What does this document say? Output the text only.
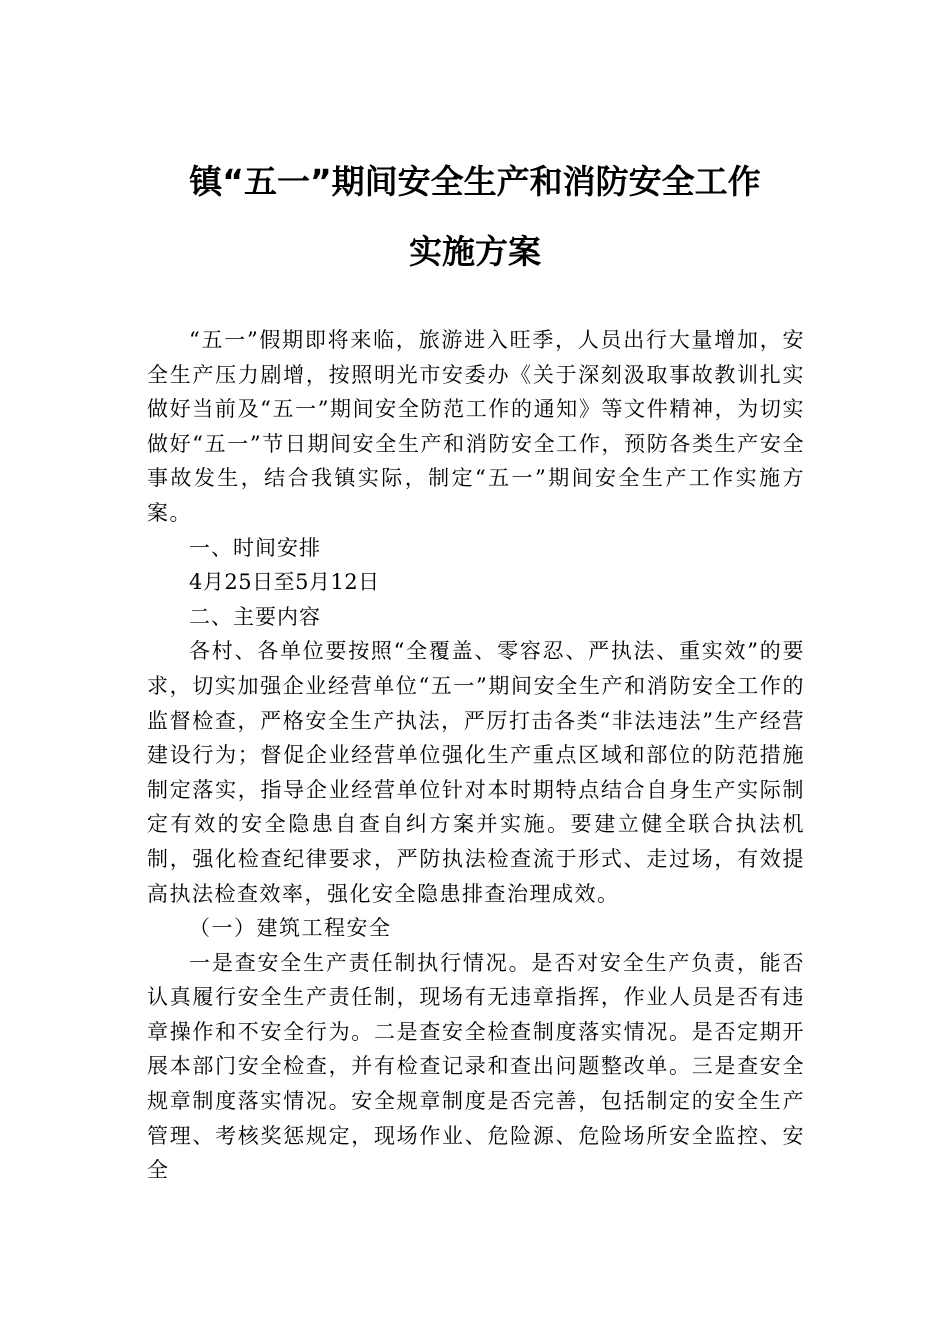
镇“五一”期间安全生产和消防安全工作
实施方案

“五一”假期即将来临，旅游进入旺季，人员出行大量增加，安全生产压力剧增，按照明光市安委办《关于深刻汲取事故教训扎实做好当前及“五一”期间安全防范工作的通知》等文件精神，为切实做好“五一”节日期间安全生产和消防安全工作，预防各类生产安全事故发生，结合我镇实际，制定“五一”期间安全生产工作实施方案。

一、时间安排

4月25日至5月12日

二、主要内容

各村、各单位要按照“全覆盖、零容忍、严执法、重实效”的要求，切实加强企业经营单位“五一”期间安全生产和消防安全工作的监督检查，严格安全生产执法，严厉打击各类“非法违法”生产经营建设行为；督促企业经营单位强化生产重点区域和部位的防范措施制定落实，指导企业经营单位针对本时期特点结合自身生产实际制定有效的安全隐患自查自纠方案并实施。要建立健全联合执法机制，强化检查纪律要求，严防执法检查流于形式、走过场，有效提高执法检查效率，强化安全隐患排查治理成效。

（一）建筑工程安全

一是查安全生产责任制执行情况。是否对安全生产负责，能否认真履行安全生产责任制，现场有无违章指挥，作业人员是否有违章操作和不安全行为。二是查安全检查制度落实情况。是否定期开展本部门安全检查，并有检查记录和查出问题整改单。三是查安全规章制度落实情况。安全规章制度是否完善，包括制定的安全生产管理、考核奖惩规定，现场作业、危险源、危险场所安全监控、安全
